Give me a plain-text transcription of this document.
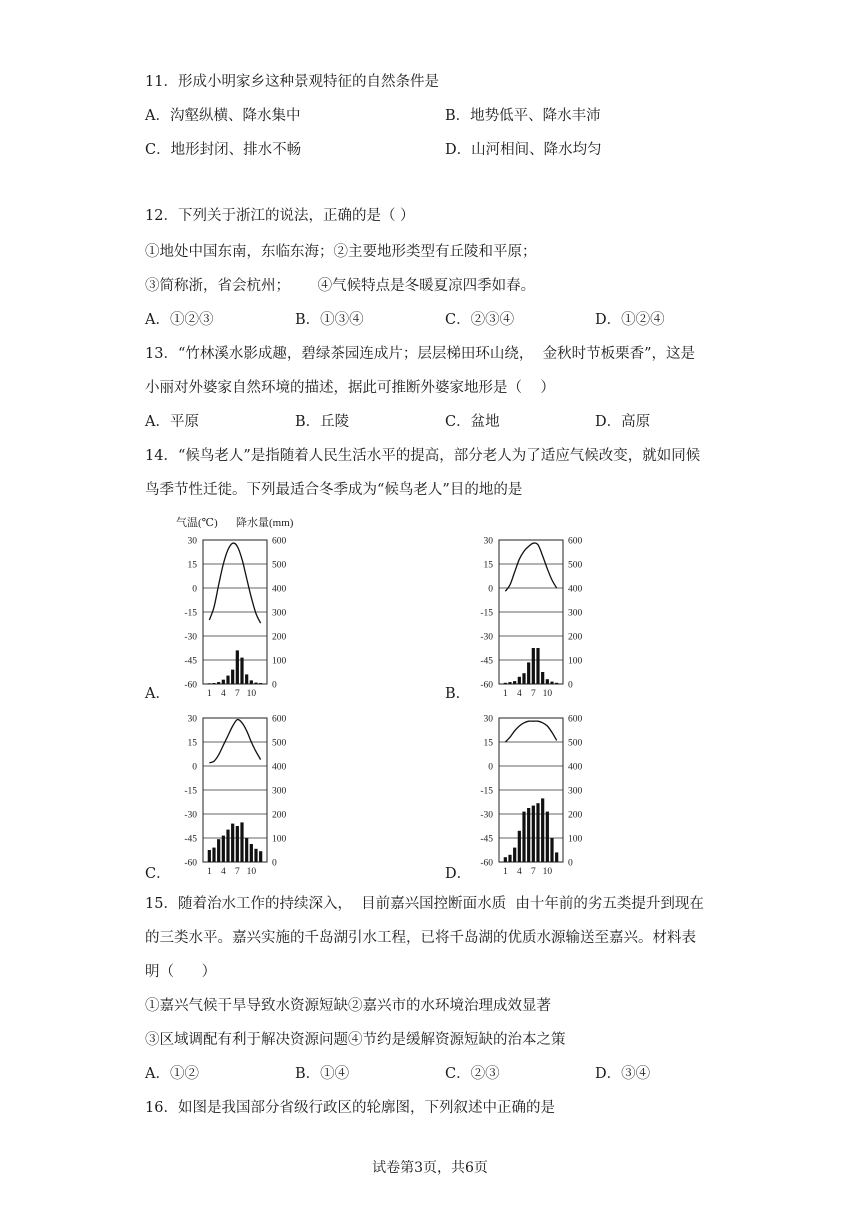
11．形成小明家乡这种景观特征的自然条件是
A．沟壑纵横、降水集中	B．地势低平、降水丰沛
C．地形封闭、排水不畅	D．山河相间、降水均匀
12．下列关于浙江的说法，正确的是（ ）
①地处中国东南，东临东海；②主要地形类型有丘陵和平原；
③简称浙，省会杭州；      ④气候特点是冬暖夏凉四季如春。
A．①②③	B．①③④	C．②③④	D．①②④
13．“竹林溪水影成趣，碧绿茶园连成片；层层梯田环山绕，  金秋时节板栗香”，这是
小丽对外婆家自然环境的描述，据此可推断外婆家地形是（    ）
A．平原	B．丘陵	C．盆地	D．高原
14．“候鸟老人”是指随着人民生活水平的提高，部分老人为了适应气候改变，就如同候
鸟季节性迁徙。下列最适合冬季成为“候鸟老人”目的地的是
A．	B．
C．	D．
气温(℃) 降水量(mm)
30	600
15	500
0	400
-15	300
-30	200
-45	100
-60	0
1 4 7 10
30	600
15	500
0	400
-15	300
-30	200
-45	100
-60	0
1 4 7 10
30	600
15	500
0	400
-15	300
-30	200
-45	100
-60	0
1 4 7 10
30	600
15	500
0	400
-15	300
-30	200
-45	100
-60	0
1 4 7 10
15．随着治水工作的持续深入，  目前嘉兴国控断面水质  由十年前的劣五类提升到现在
的三类水平。嘉兴实施的千岛湖引水工程，已将千岛湖的优质水源输送至嘉兴。材料表
明（      ）
①嘉兴气候干旱导致水资源短缺②嘉兴市的水环境治理成效显著
③区域调配有利于解决资源问题④节约是缓解资源短缺的治本之策
A．①②	B．①④	C．②③	D．③④
16．如图是我国部分省级行政区的轮廓图，下列叙述中正确的是
试卷第3页，共6页
